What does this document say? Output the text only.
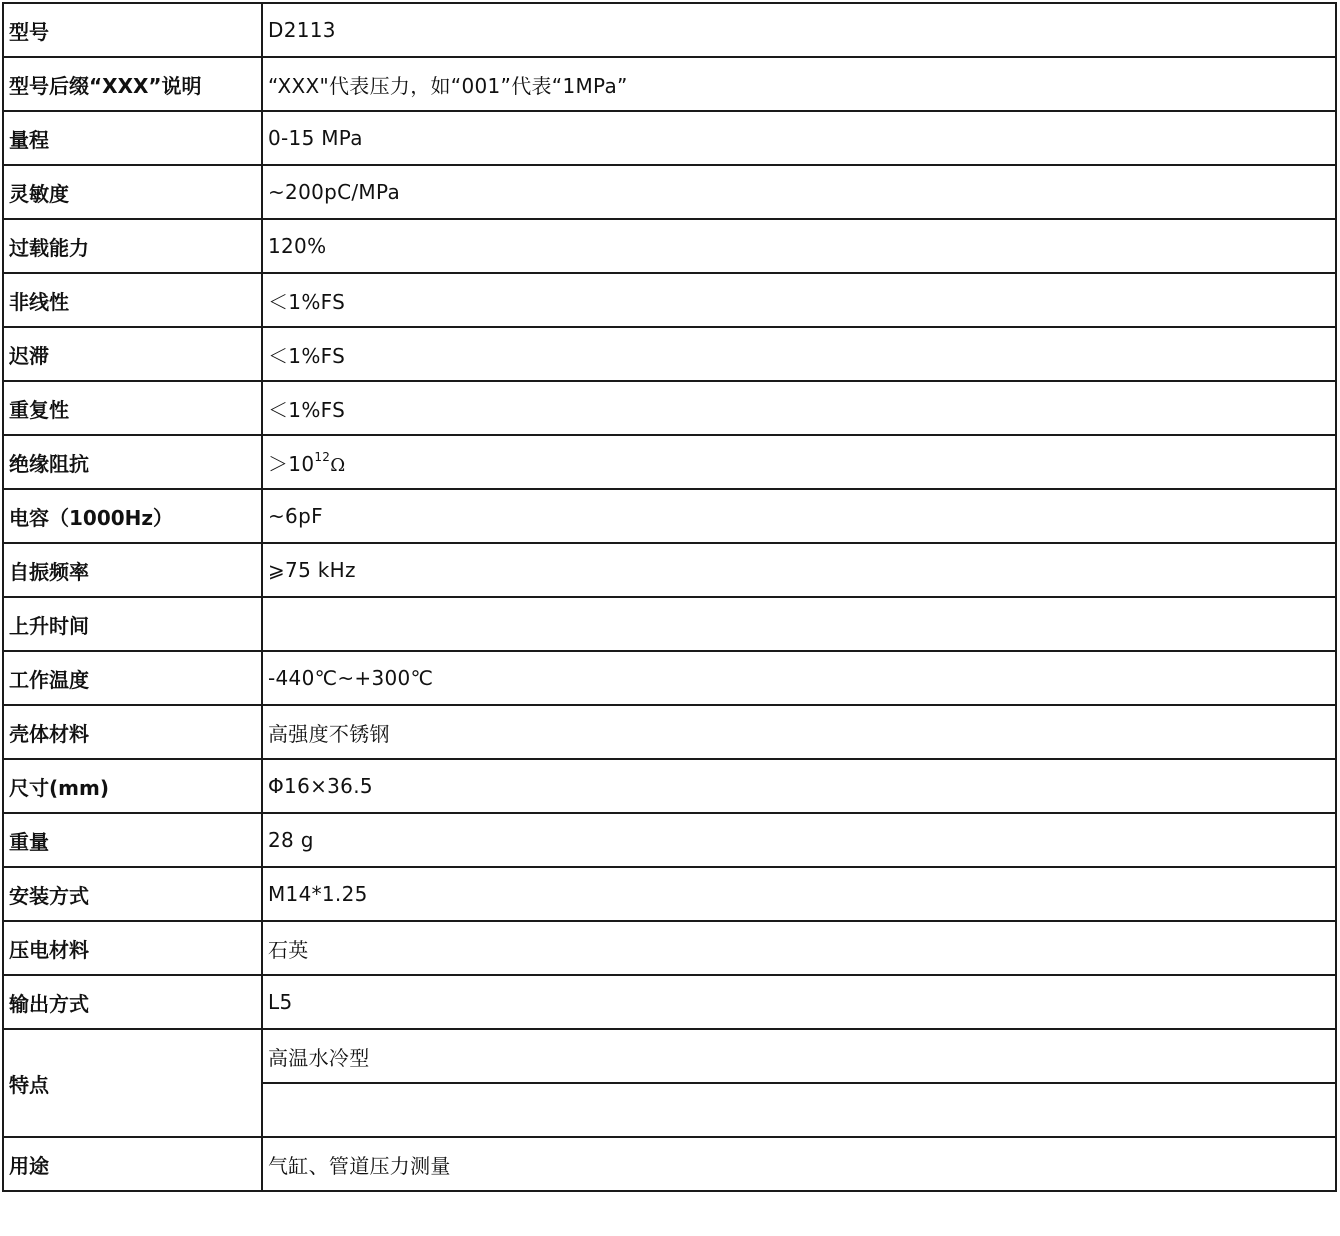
型号	D2113
型号后缀“XXX”说明	“XXX"代表压力，如“001”代表“1MPa”
量程	0-15 MPa
灵敏度	~200pC/MPa
过载能力	120%
非线性	＜1%FS
迟滞	＜1%FS
重复性	＜1%FS
绝缘阻抗	$>10^{12}\Omega$
电容（1000Hz）	~6pF
自振频率	⩾75 kHz
上升时间	
工作温度	-440℃~+300℃
壳体材料	高强度不锈钢
尺寸(mm)	Φ16×36.5
重量	28 g
安装方式	M14*1.25
压电材料	石英
输出方式	L5
特点	高温水冷型

用途	气缸、管道压力测量
